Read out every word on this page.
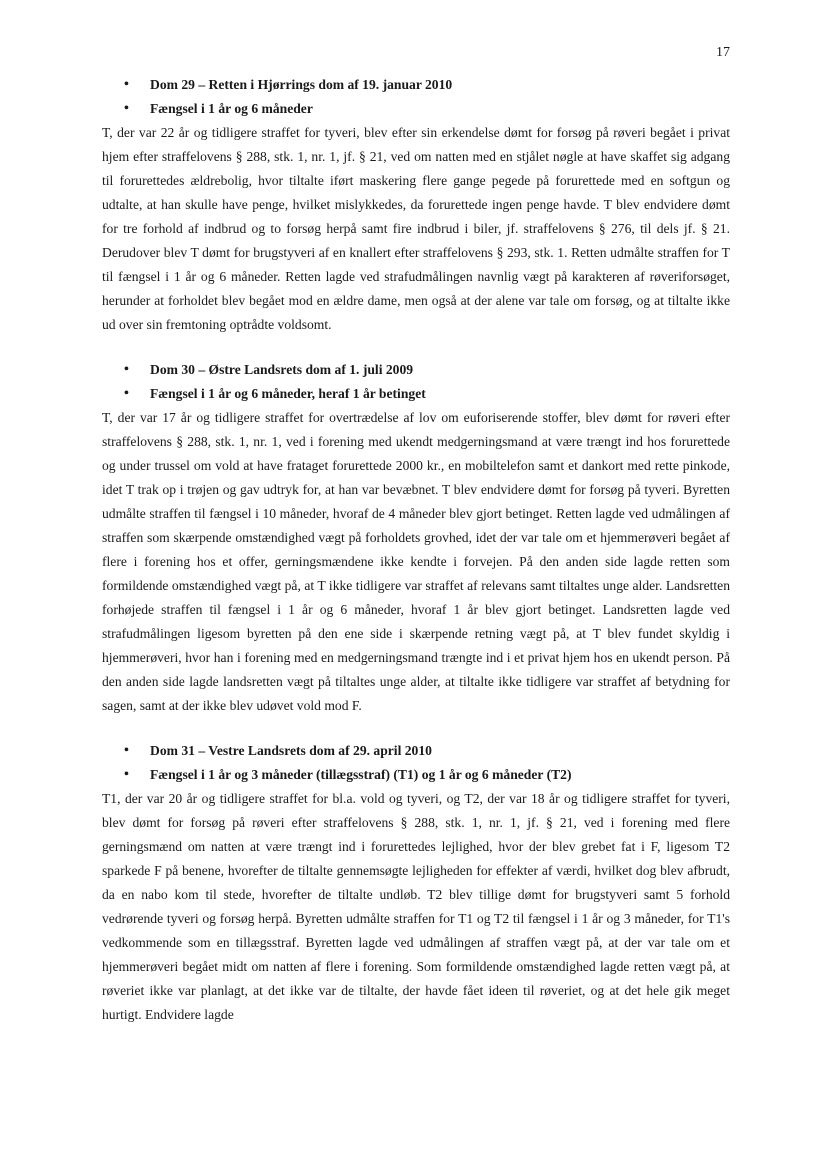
17
• Dom 29 – Retten i Hjørrings dom af 19. januar 2010
• Fængsel i 1 år og 6 måneder

T, der var 22 år og tidligere straffet for tyveri, blev efter sin erkendelse dømt for forsøg på røveri begået i privat hjem efter straffelovens § 288, stk. 1, nr. 1, jf. § 21, ved om natten med en stjålet nøgle at have skaffet sig adgang til forurettedes ældrebolig, hvor tiltalte iført maskering flere gange pegede på forurettede med en softgun og udtalte, at han skulle have penge, hvilket mislykkedes, da forurettede ingen penge havde. T blev endvidere dømt for tre forhold af indbrud og to forsøg herpå samt fire indbrud i biler, jf. straffelovens § 276, til dels jf. § 21. Derudover blev T dømt for brugstyveri af en knallert efter straffelovens § 293, stk. 1. Retten udmålte straffen for T til fængsel i 1 år og 6 måneder. Retten lagde ved strafudmålingen navnlig vægt på karakteren af røveriforsøget, herunder at forholdet blev begået mod en ældre dame, men også at der alene var tale om forsøg, og at tiltalte ikke ud over sin fremtoning optrådte voldsomt.

• Dom 30 – Østre Landsrets dom af 1. juli 2009
• Fængsel i 1 år og 6 måneder, heraf 1 år betinget

T, der var 17 år og tidligere straffet for overtrædelse af lov om euforiserende stoffer, blev dømt for røveri efter straffelovens § 288, stk. 1, nr. 1, ved i forening med ukendt medgerningsmand at være trængt ind hos forurettede og under trussel om vold at have frataget forurettede 2000 kr., en mobiltelefon samt et dankort med rette pinkode, idet T trak op i trøjen og gav udtryk for, at han var bevæbnet. T blev endvidere dømt for forsøg på tyveri. Byretten udmålte straffen til fængsel i 10 måneder, hvoraf de 4 måneder blev gjort betinget. Retten lagde ved udmålingen af straffen som skærpende omstændighed vægt på forholdets grovhed, idet der var tale om et hjemmerøveri begået af flere i forening hos et offer, gerningsmændene ikke kendte i forvejen. På den anden side lagde retten som formildende omstændighed vægt på, at T ikke tidligere var straffet af relevans samt tiltaltes unge alder. Landsretten forhøjede straffen til fængsel i 1 år og 6 måneder, hvoraf 1 år blev gjort betinget. Landsretten lagde ved strafudmålingen ligesom byretten på den ene side i skærpende retning vægt på, at T blev fundet skyldig i hjemmerøveri, hvor han i forening med en medgerningsmand trængte ind i et privat hjem hos en ukendt person. På den anden side lagde landsretten vægt på tiltaltes unge alder, at tiltalte ikke tidligere var straffet af betydning for sagen, samt at der ikke blev udøvet vold mod F.

• Dom 31 – Vestre Landsrets dom af 29. april 2010
• Fængsel i 1 år og 3 måneder (tillægsstraf) (T1) og 1 år og 6 måneder (T2)

T1, der var 20 år og tidligere straffet for bl.a. vold og tyveri, og T2, der var 18 år og tidligere straffet for tyveri, blev dømt for forsøg på røveri efter straffelovens § 288, stk. 1, nr. 1, jf. § 21, ved i forening med flere gerningsmænd om natten at være trængt ind i forurettedes lejlighed, hvor der blev grebet fat i F, ligesom T2 sparkede F på benene, hvorefter de tiltalte gennemsøgte lejligheden for effekter af værdi, hvilket dog blev afbrudt, da en nabo kom til stede, hvorefter de tiltalte undløb. T2 blev tillige dømt for brugstyveri samt 5 forhold vedrørende tyveri og forsøg herpå. Byretten udmålte straffen for T1 og T2 til fængsel i 1 år og 3 måneder, for T1's vedkommende som en tillægsstraf. Byretten lagde ved udmålingen af straffen vægt på, at der var tale om et hjemmerøveri begået midt om natten af flere i forening. Som formildende omstændighed lagde retten vægt på, at røveriet ikke var planlagt, at det ikke var de tiltalte, der havde fået ideen til røveriet, og at det hele gik meget hurtigt. Endvidere lagde
